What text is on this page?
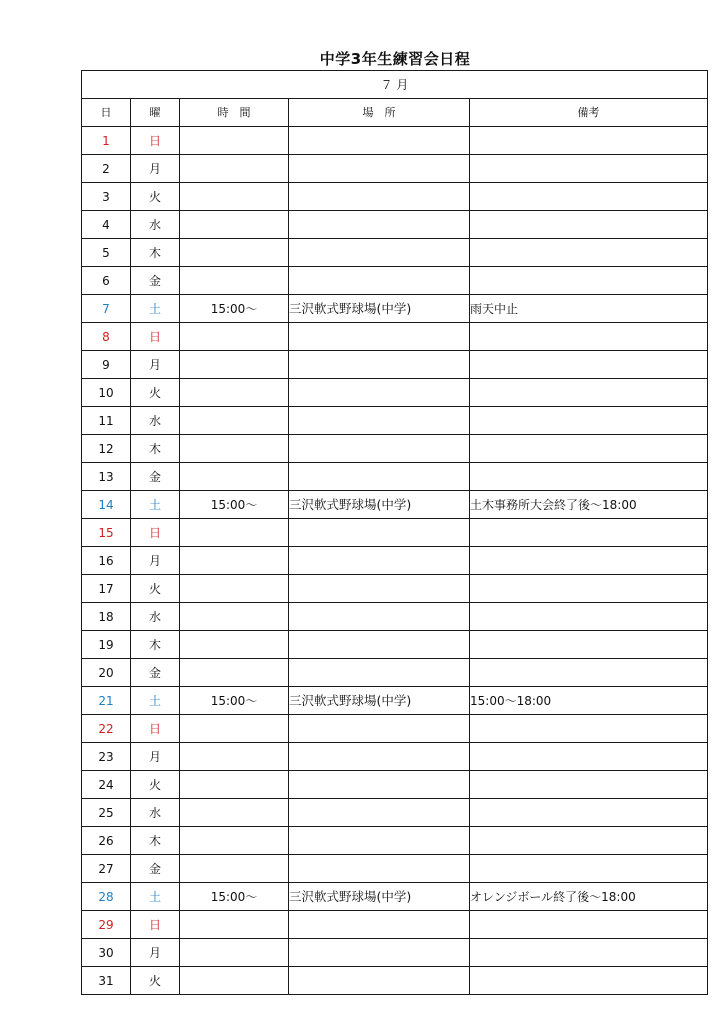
中学3年生練習会日程
７ 月				
日	曜	時　間	場　所	備考
1	日			
2	月			
3	火			
4	水			
5	木			
6	金			
7	土	15:00～	三沢軟式野球場(中学)	雨天中止
8	日			
9	月			
10	火			
11	水			
12	木			
13	金			
14	土	15:00～	三沢軟式野球場(中学)	土木事務所大会終了後～18:00
15	日			
16	月			
17	火			
18	水			
19	木			
20	金			
21	土	15:00～	三沢軟式野球場(中学)	15:00～18:00
22	日			
23	月			
24	火			
25	水			
26	木			
27	金			
28	土	15:00～	三沢軟式野球場(中学)	オレンジボール終了後～18:00
29	日			
30	月			
31	火			
